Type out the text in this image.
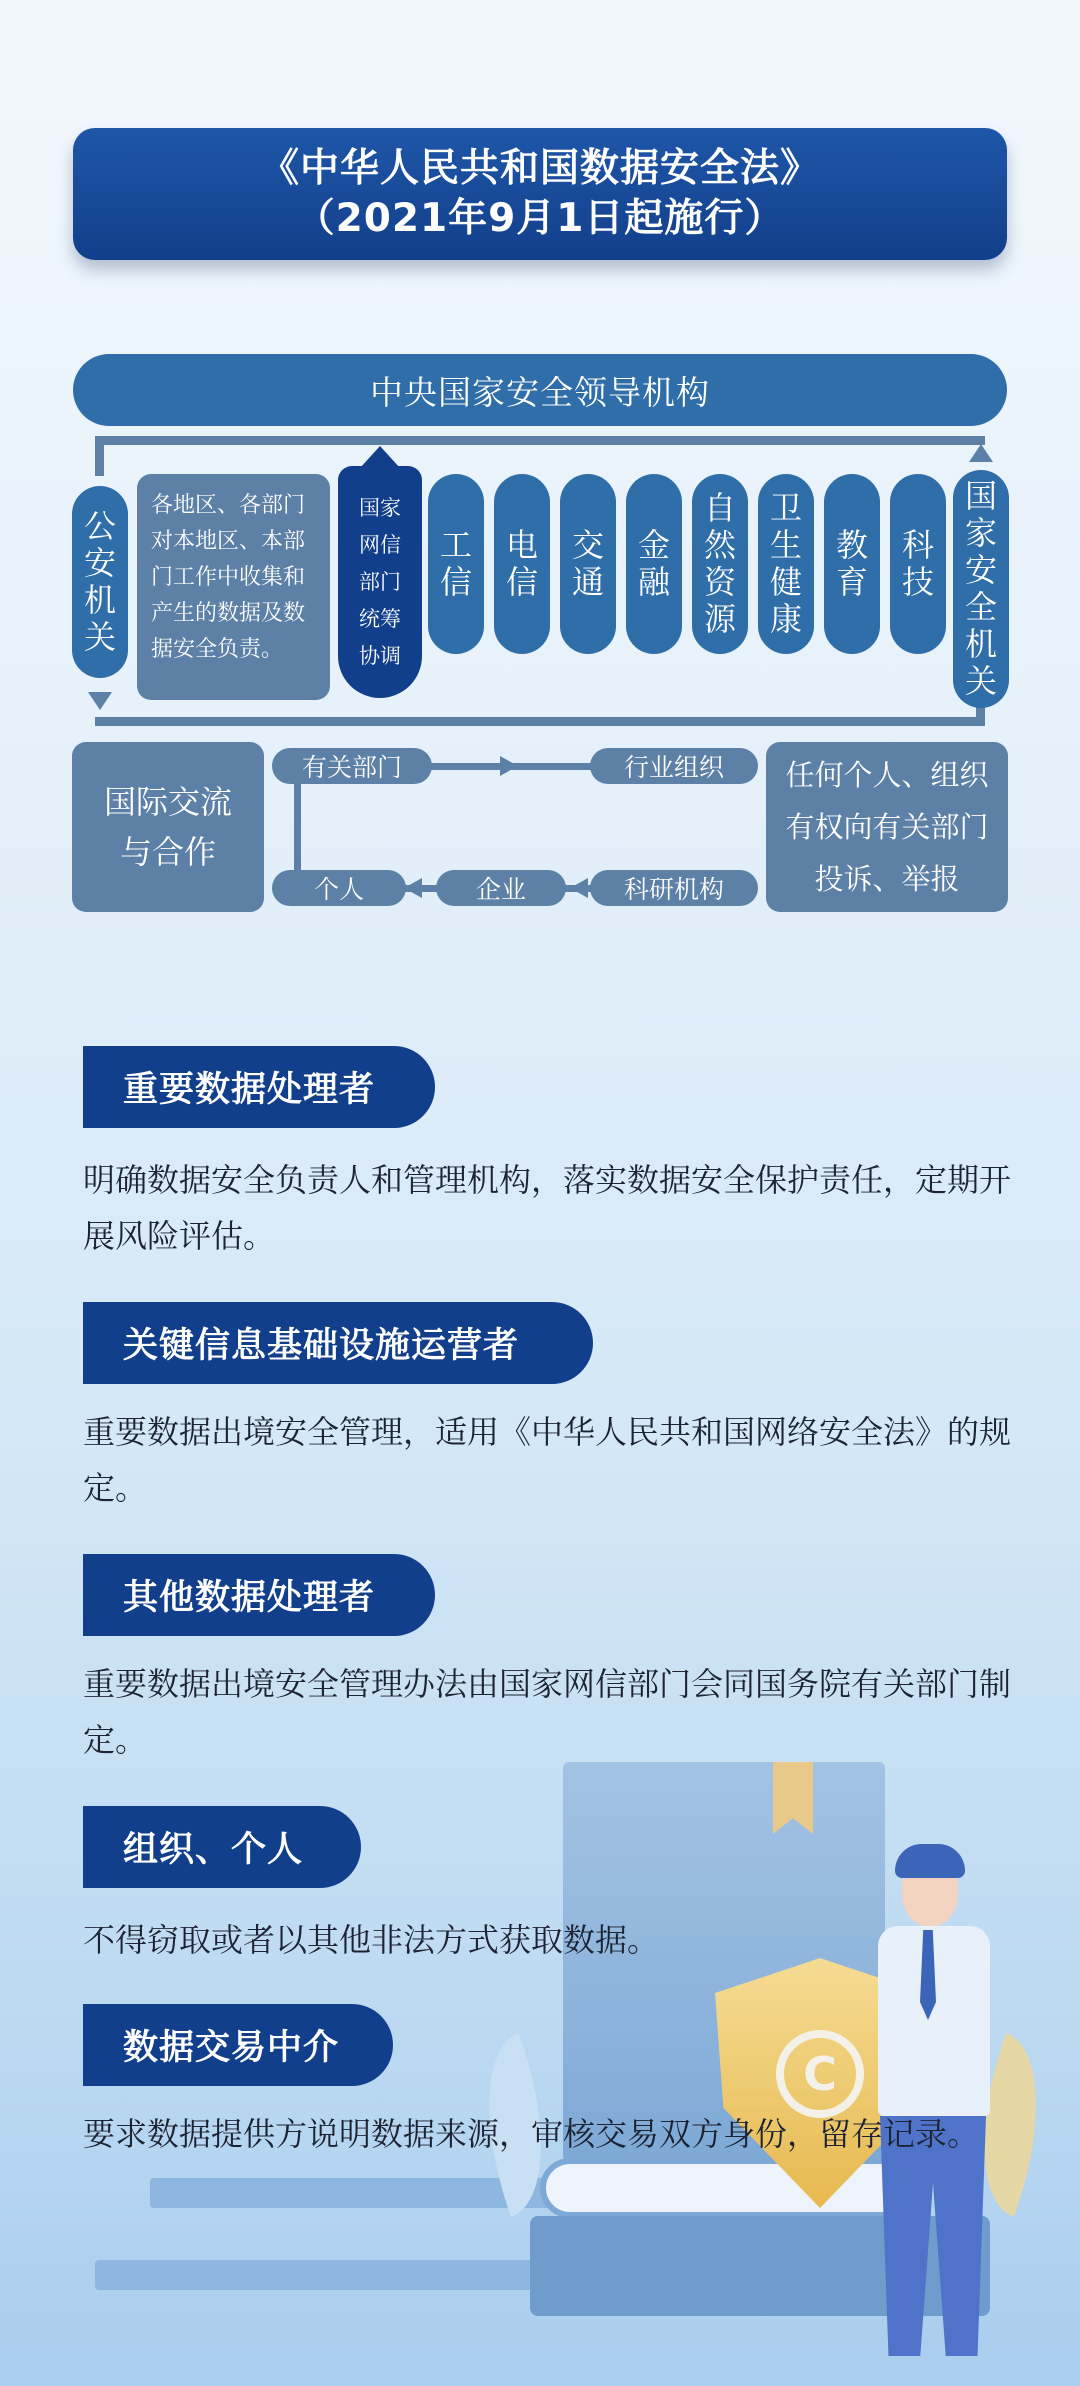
《中华人民共和国数据安全法》
（2021年9月1日起施行）
中央国家安全领导机构
公安机关
各地区、各部门对本地区、本部门工作中收集和产生的数据及数据安全负责。
国家网信部门统筹协调
工信
电信
交通
金融
自然资源
卫生健康
教育
科技
国家安全机关
国际交流与合作
有关部门	行业组织
个人	企业	科研机构
任何个人、组织有权向有关部门投诉、举报
C
重要数据处理者
明确数据安全负责人和管理机构，落实数据安全保护责任，定期开展风险评估。
关键信息基础设施运营者
重要数据出境安全管理，适用《中华人民共和国网络安全法》的规定。
其他数据处理者
重要数据出境安全管理办法由国家网信部门会同国务院有关部门制定。
组织、个人
不得窃取或者以其他非法方式获取数据。
数据交易中介
要求数据提供方说明数据来源，审核交易双方身份，留存记录。
